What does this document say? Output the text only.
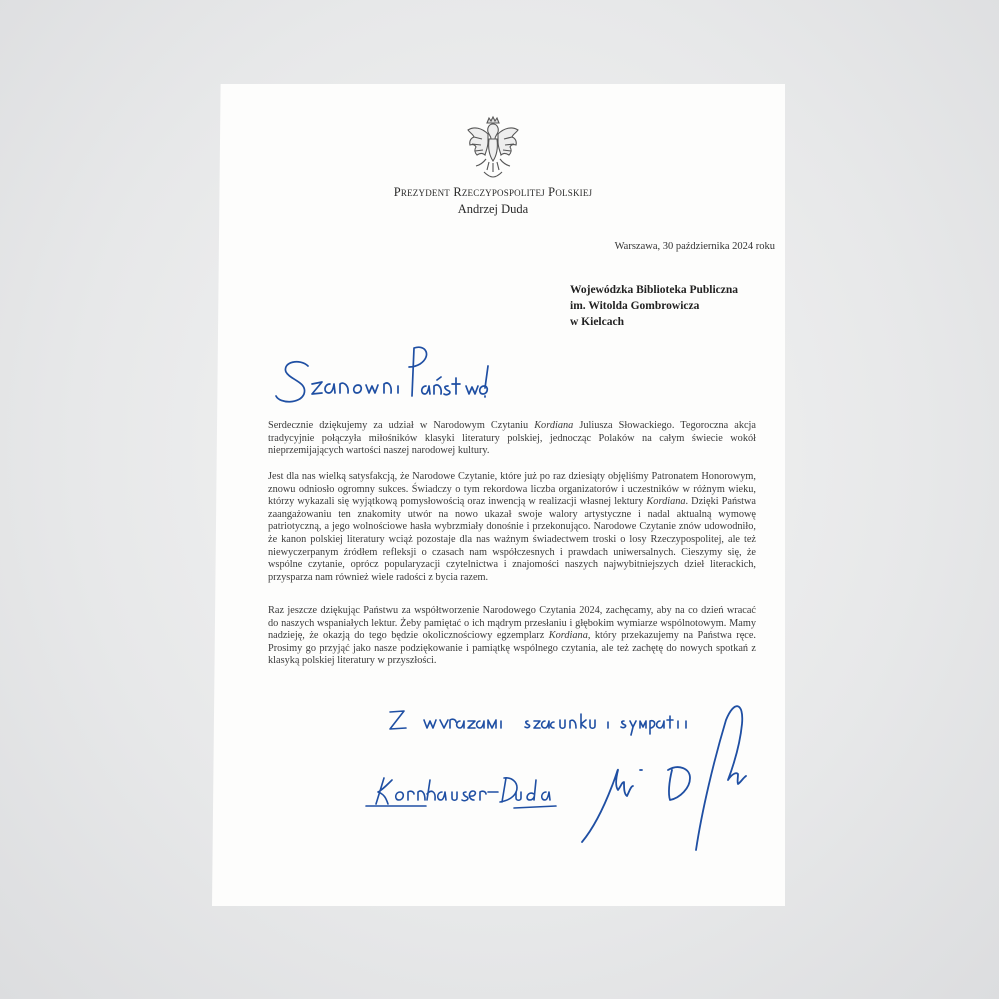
Prezydent Rzeczypospolitej Polskiej
Andrzej Duda
Warszawa, 30 października 2024 roku
Wojewódzka Biblioteka Publiczna
im. Witolda Gombrowicza
w Kielcach
Serdecznie dziękujemy za udział w Narodowym Czytaniu Kordiana Juliusza Słowackiego. Tegoroczna akcja tradycyjnie połączyła miłośników klasyki literatury polskiej, jednocząc Polaków na całym świecie wokół nieprzemijających wartości naszej narodowej kultury.
Jest dla nas wielką satysfakcją, że Narodowe Czytanie, które już po raz dziesiąty objęliśmy Patronatem Honorowym, znowu odniosło ogromny sukces. Świadczy o tym rekordowa liczba organizatorów i uczestników w różnym wieku, którzy wykazali się wyjątkową pomysłowością oraz inwencją w realizacji własnej lektury Kordiana. Dzięki Państwa zaangażowaniu ten znakomity utwór na nowo ukazał swoje walory artystyczne i nadal aktualną wymowę patriotyczną, a jego wolnościowe hasła wybrzmiały donośnie i przekonująco. Narodowe Czytanie znów udowodniło, że kanon polskiej literatury wciąż pozostaje dla nas ważnym świadectwem troski o losy Rzeczypospolitej, ale też niewyczerpanym źródłem refleksji o czasach nam współczesnych i prawdach uniwersalnych. Cieszymy się, że wspólne czytanie, oprócz popularyzacji czytelnictwa i znajomości naszych najwybitniejszych dzieł literackich, przysparza nam również wiele radości z bycia razem.
Raz jeszcze dziękując Państwu za współtworzenie Narodowego Czytania 2024, zachęcamy, aby na co dzień wracać do naszych wspaniałych lektur. Żeby pamiętać o ich mądrym przesłaniu i głębokim wymiarze wspólnotowym. Mamy nadzieję, że okazją do tego będzie okolicznościowy egzemplarz Kordiana, który przekazujemy na Państwa ręce. Prosimy go przyjąć jako nasze podziękowanie i pamiątkę wspólnego czytania, ale też zachętę do nowych spotkań z klasyką polskiej literatury w przyszłości.
